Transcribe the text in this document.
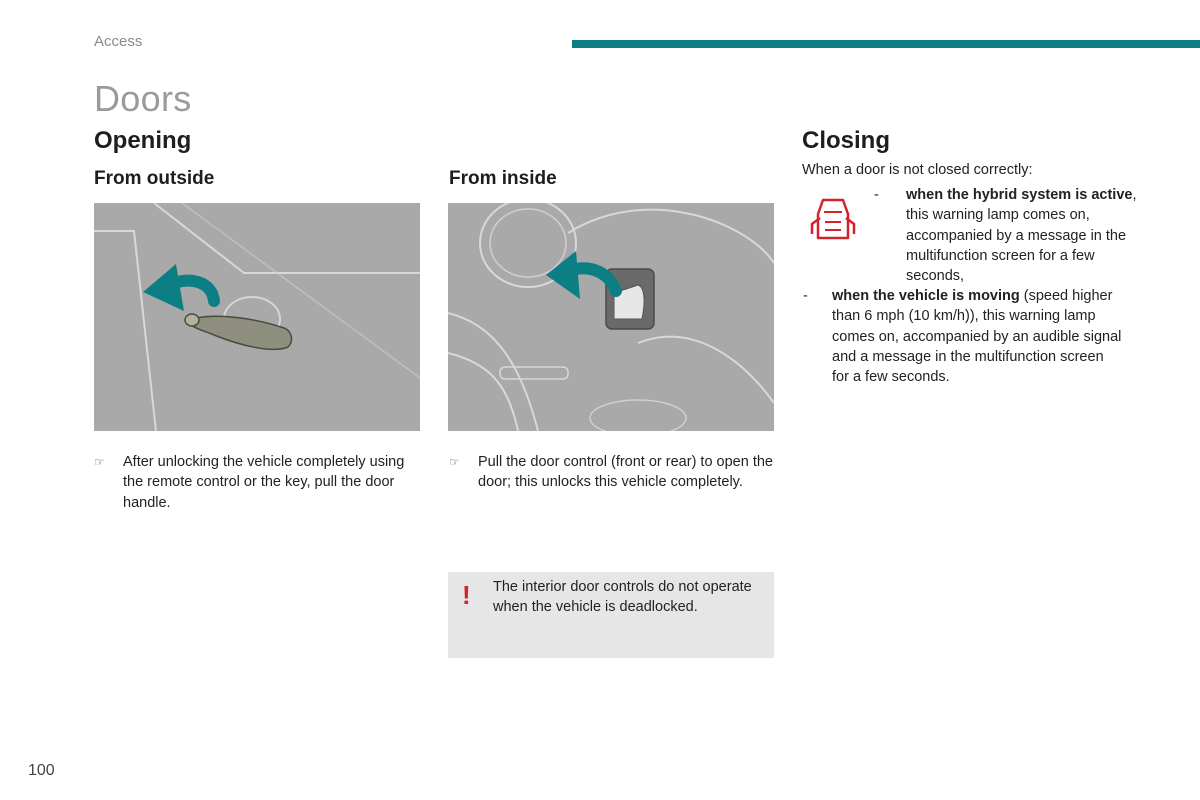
Access
Doors
Opening
From outside	From inside
☞ After unlocking the vehicle completely using the remote control or the key, pull the door handle.
☞ Pull the door control (front or rear) to open the door; this unlocks this vehicle completely.
! The interior door controls do not operate when the vehicle is deadlocked.
Closing
When a door is not closed correctly:
-	when the hybrid system is active, this warning lamp comes on, accompanied by a message in the multifunction screen for a few seconds,
-	when the vehicle is moving (speed higher than 6 mph (10 km/h)), this warning lamp comes on, accompanied by an audible signal and a message in the multifunction screen for a few seconds.
100
